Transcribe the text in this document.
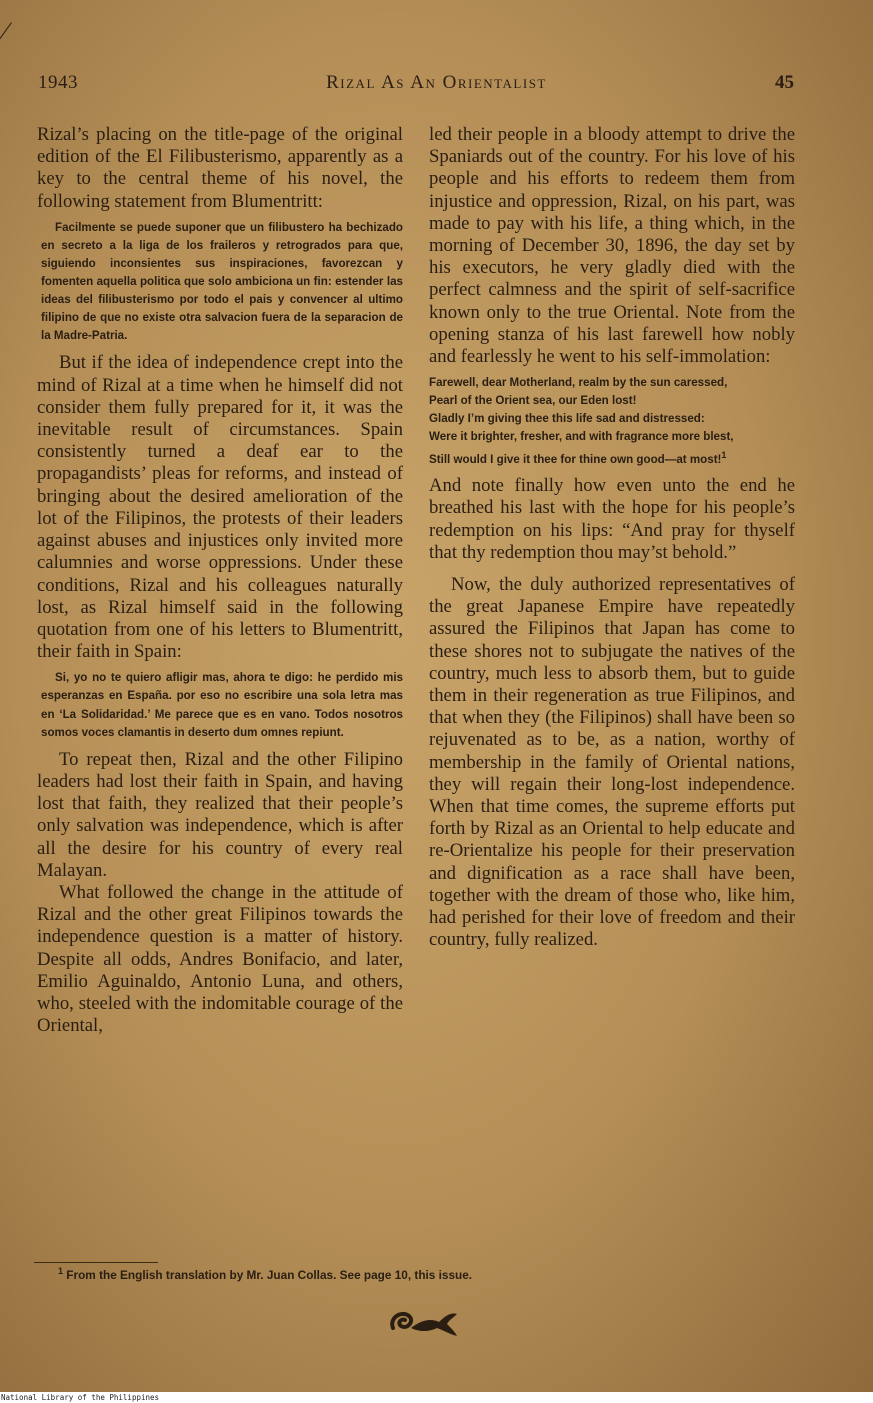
⁄
1943	Rizal As An Orientalist	45

Rizal’s placing on the title-page of the original edition of the El Filibusterismo, apparently as a key to the central theme of his novel, the following statement from Blumentritt:

Facilmente se puede suponer que un filibustero ha bechizado en secreto a la liga de los fraileros y retrogrados para que, siguiendo inconsientes sus inspiraciones, favorezcan y fomenten aquella politica que solo ambiciona un fin: estender las ideas del filibusterismo por todo el pais y convencer al ultimo filipino de que no existe otra salvacion fuera de la separacion de la Madre-Patria.

But if the idea of independence crept into the mind of Rizal at a time when he himself did not consider them fully prepared for it, it was the inevitable result of circumstances. Spain consistently turned a deaf ear to the propagandists’ pleas for reforms, and instead of bringing about the desired amelioration of the lot of the Filipinos, the protests of their leaders against abuses and injustices only invited more calumnies and worse oppressions. Under these conditions, Rizal and his colleagues naturally lost, as Rizal himself said in the following quotation from one of his letters to Blumentritt, their faith in Spain:

Si, yo no te quiero afligir mas, ahora te digo: he perdido mis esperanzas en España. por eso no escribire una sola letra mas en ‘La Solidaridad.’ Me parece que es en vano. Todos nosotros somos voces clamantis in deserto dum omnes repiunt.

To repeat then, Rizal and the other Filipino leaders had lost their faith in Spain, and having lost that faith, they realized that their people’s only salvation was independence, which is after all the desire for his country of every real Malayan.

What followed the change in the attitude of Rizal and the other great Filipinos towards the independence question is a matter of history. Despite all odds, Andres Bonifacio, and later, Emilio Aguinaldo, Antonio Luna, and others, who, steeled with the indomitable courage of the Oriental,

led their people in a bloody attempt to drive the Spaniards out of the country. For his love of his people and his efforts to redeem them from injustice and oppression, Rizal, on his part, was made to pay with his life, a thing which, in the morning of December 30, 1896, the day set by his executors, he very gladly died with the perfect calmness and the spirit of self-sacrifice known only to the true Oriental. Note from the opening stanza of his last farewell how nobly and fearlessly he went to his self-immolation:

Farewell, dear Motherland, realm by the sun caressed,

Pearl of the Orient sea, our Eden lost!

Gladly I’m giving thee this life sad and distressed:

Were it brighter, fresher, and with fragrance more blest,

Still would I give it thee for thine own good—at most!$^1$

And note finally how even unto the end he breathed his last with the hope for his people’s redemption on his lips: “And pray for thyself that thy redemption thou may’st behold.”

Now, the duly authorized representatives of the great Japanese Empire have repeatedly assured the Filipinos that Japan has come to these shores not to subjugate the natives of the country, much less to absorb them, but to guide them in their regeneration as true Filipinos, and that when they (the Filipinos) shall have been so rejuvenated as to be, as a nation, worthy of membership in the family of Oriental nations, they will regain their long-lost independence. When that time comes, the supreme efforts put forth by Rizal as an Oriental to help educate and re-Orientalize his people for their preservation and dignification as a race shall have been, together with the dream of those who, like him, had perished for their love of freedom and their country, fully realized.

$^1$ From the English translation by Mr. Juan Collas. See page 10, this issue.
National Library of the Philippines
